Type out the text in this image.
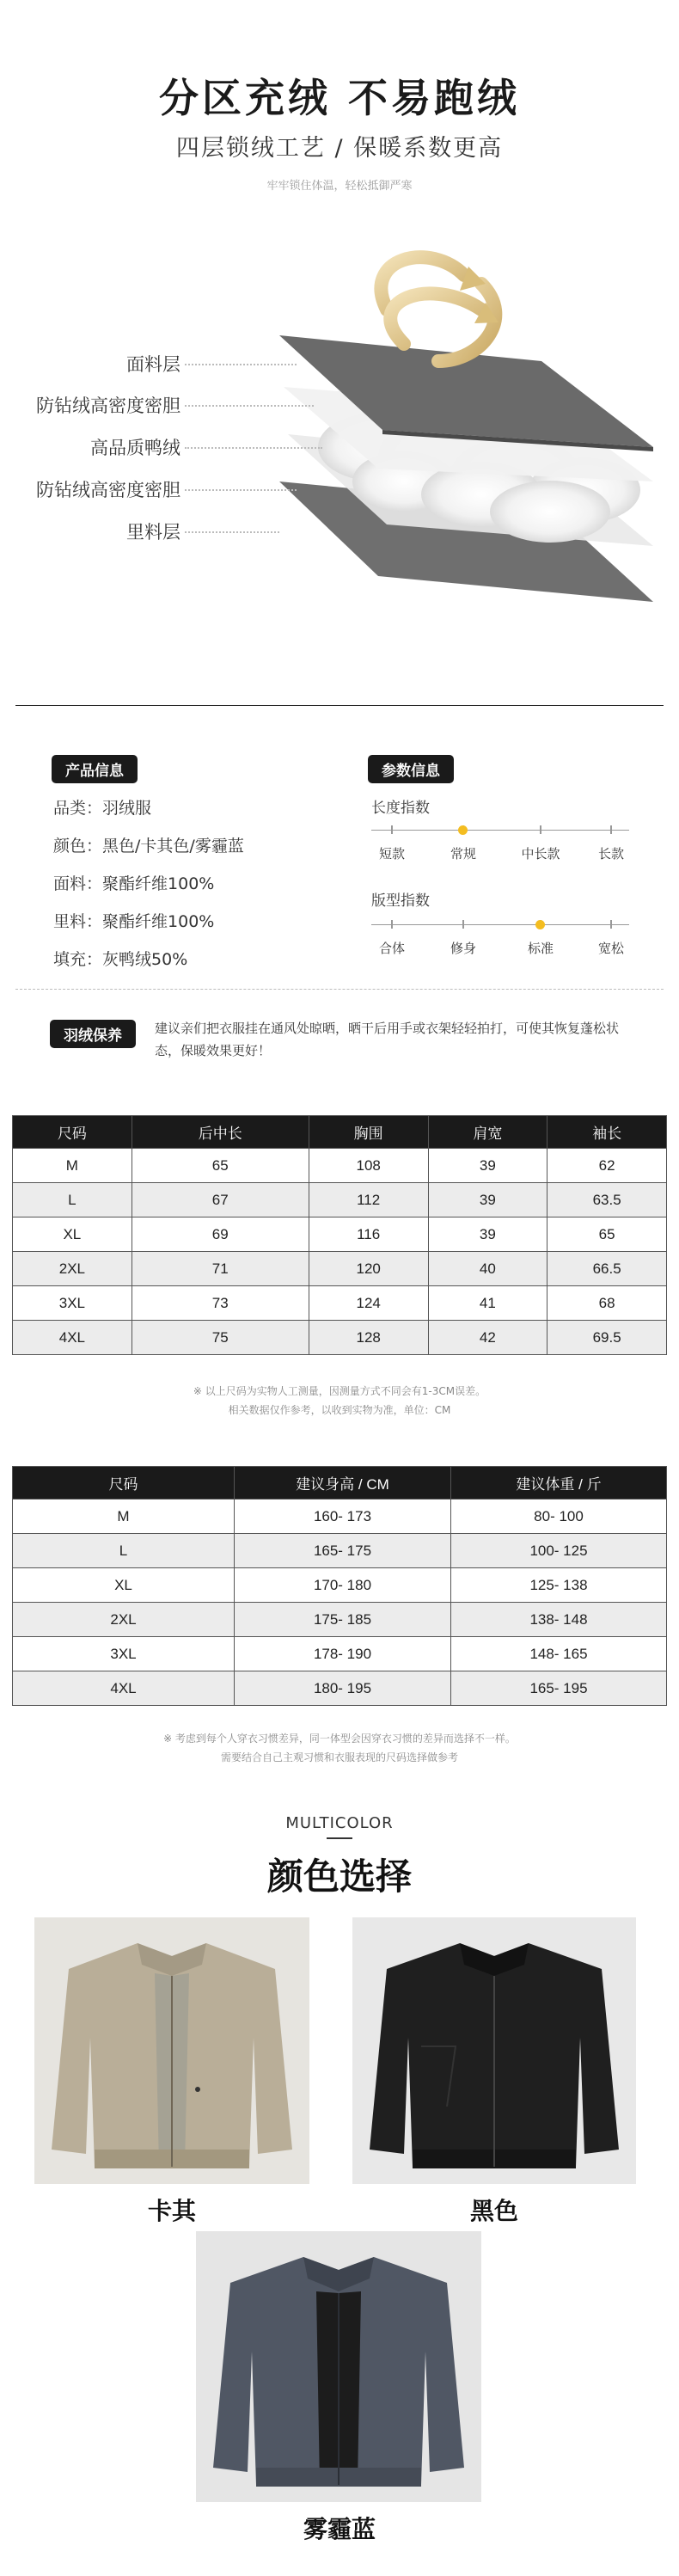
分区充绒 不易跑绒
四层锁绒工艺 / 保暖系数更高
牢牢锁住体温，轻松抵御严寒
面料层
防钻绒高密度密胆
高品质鸭绒
防钻绒高密度密胆
里料层
产品信息
品类：羽绒服
颜色：黑色/卡其色/雾霾蓝
面料：聚酯纤维100%
里料：聚酯纤维100%
填充：灰鸭绒50%
参数信息
长度指数
短款	常规	中长款	长款
版型指数
合体	修身	标准	宽松
羽绒保养	建议亲们把衣服挂在通风处晾晒，晒干后用手或衣架轻轻拍打，可使其恢复蓬松状态，保暖效果更好！
尺码	后中长	胸围	肩宽	袖长
M	65	108	39	62
L	67	112	39	63.5
XL	69	116	39	65
2XL	71	120	40	66.5
3XL	73	124	41	68
4XL	75	128	42	69.5
※ 以上尺码为实物人工测量，因测量方式不同会有1-3CM误差。
相关数据仅作参考，以收到实物为准，单位：CM
尺码	建议身高 / CM	建议体重 / 斤
M	160- 173	80- 100
L	165- 175	100- 125
XL	170- 180	125- 138
2XL	175- 185	138- 148
3XL	178- 190	148- 165
4XL	180- 195	165- 195
※ 考虑到每个人穿衣习惯差异，同一体型会因穿衣习惯的差异而选择不一样。
需要结合自己主观习惯和衣服表现的尺码选择做参考
MULTICOLOR
颜色选择
卡其	黑色
雾霾蓝
